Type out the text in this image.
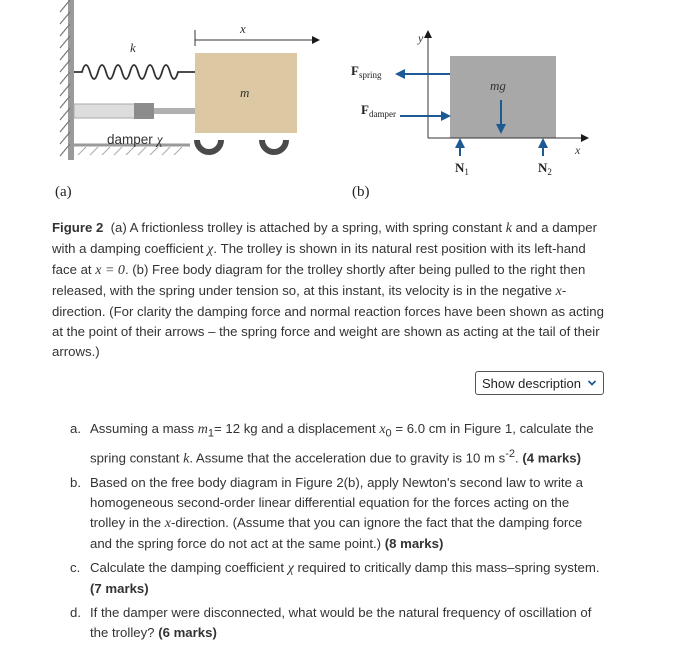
k
damper χ
m
x
y
x
Fspring
Fdamper
mg
N1	N2
(a)	(b)
Figure 2 (a) A frictionless trolley is attached by a spring, with spring constant k and a damper with a damping coefficient χ. The trolley is shown in its natural rest position with its left-hand face at x = 0. (b) Free body diagram for the trolley shortly after being pulled to the right then released, with the spring under tension so, at this instant, its velocity is in the negative x-direction. (For clarity the damping force and normal reaction forces have been shown as acting at the point of their arrows – the spring force and weight are shown as acting at the tail of their arrows.)
Show description
a. Assuming a mass $m_1= 12$ kg and a displacement $x_0 = 6.0$ cm in Figure 1, calculate the spring constant k. Assume that the acceleration due to gravity is 10 m $s^{-2}$. (4 marks)
b. Based on the free body diagram in Figure 2(b), apply Newton's second law to write a homogeneous second-order linear differential equation for the forces acting on the trolley in the x-direction. (Assume that you can ignore the fact that the damping force and the spring force do not act at the same point.) (8 marks)
c. Calculate the damping coefficient χ required to critically damp this mass–spring system. (7 marks)
d. If the damper were disconnected, what would be the natural frequency of oscillation of the trolley? (6 marks)
